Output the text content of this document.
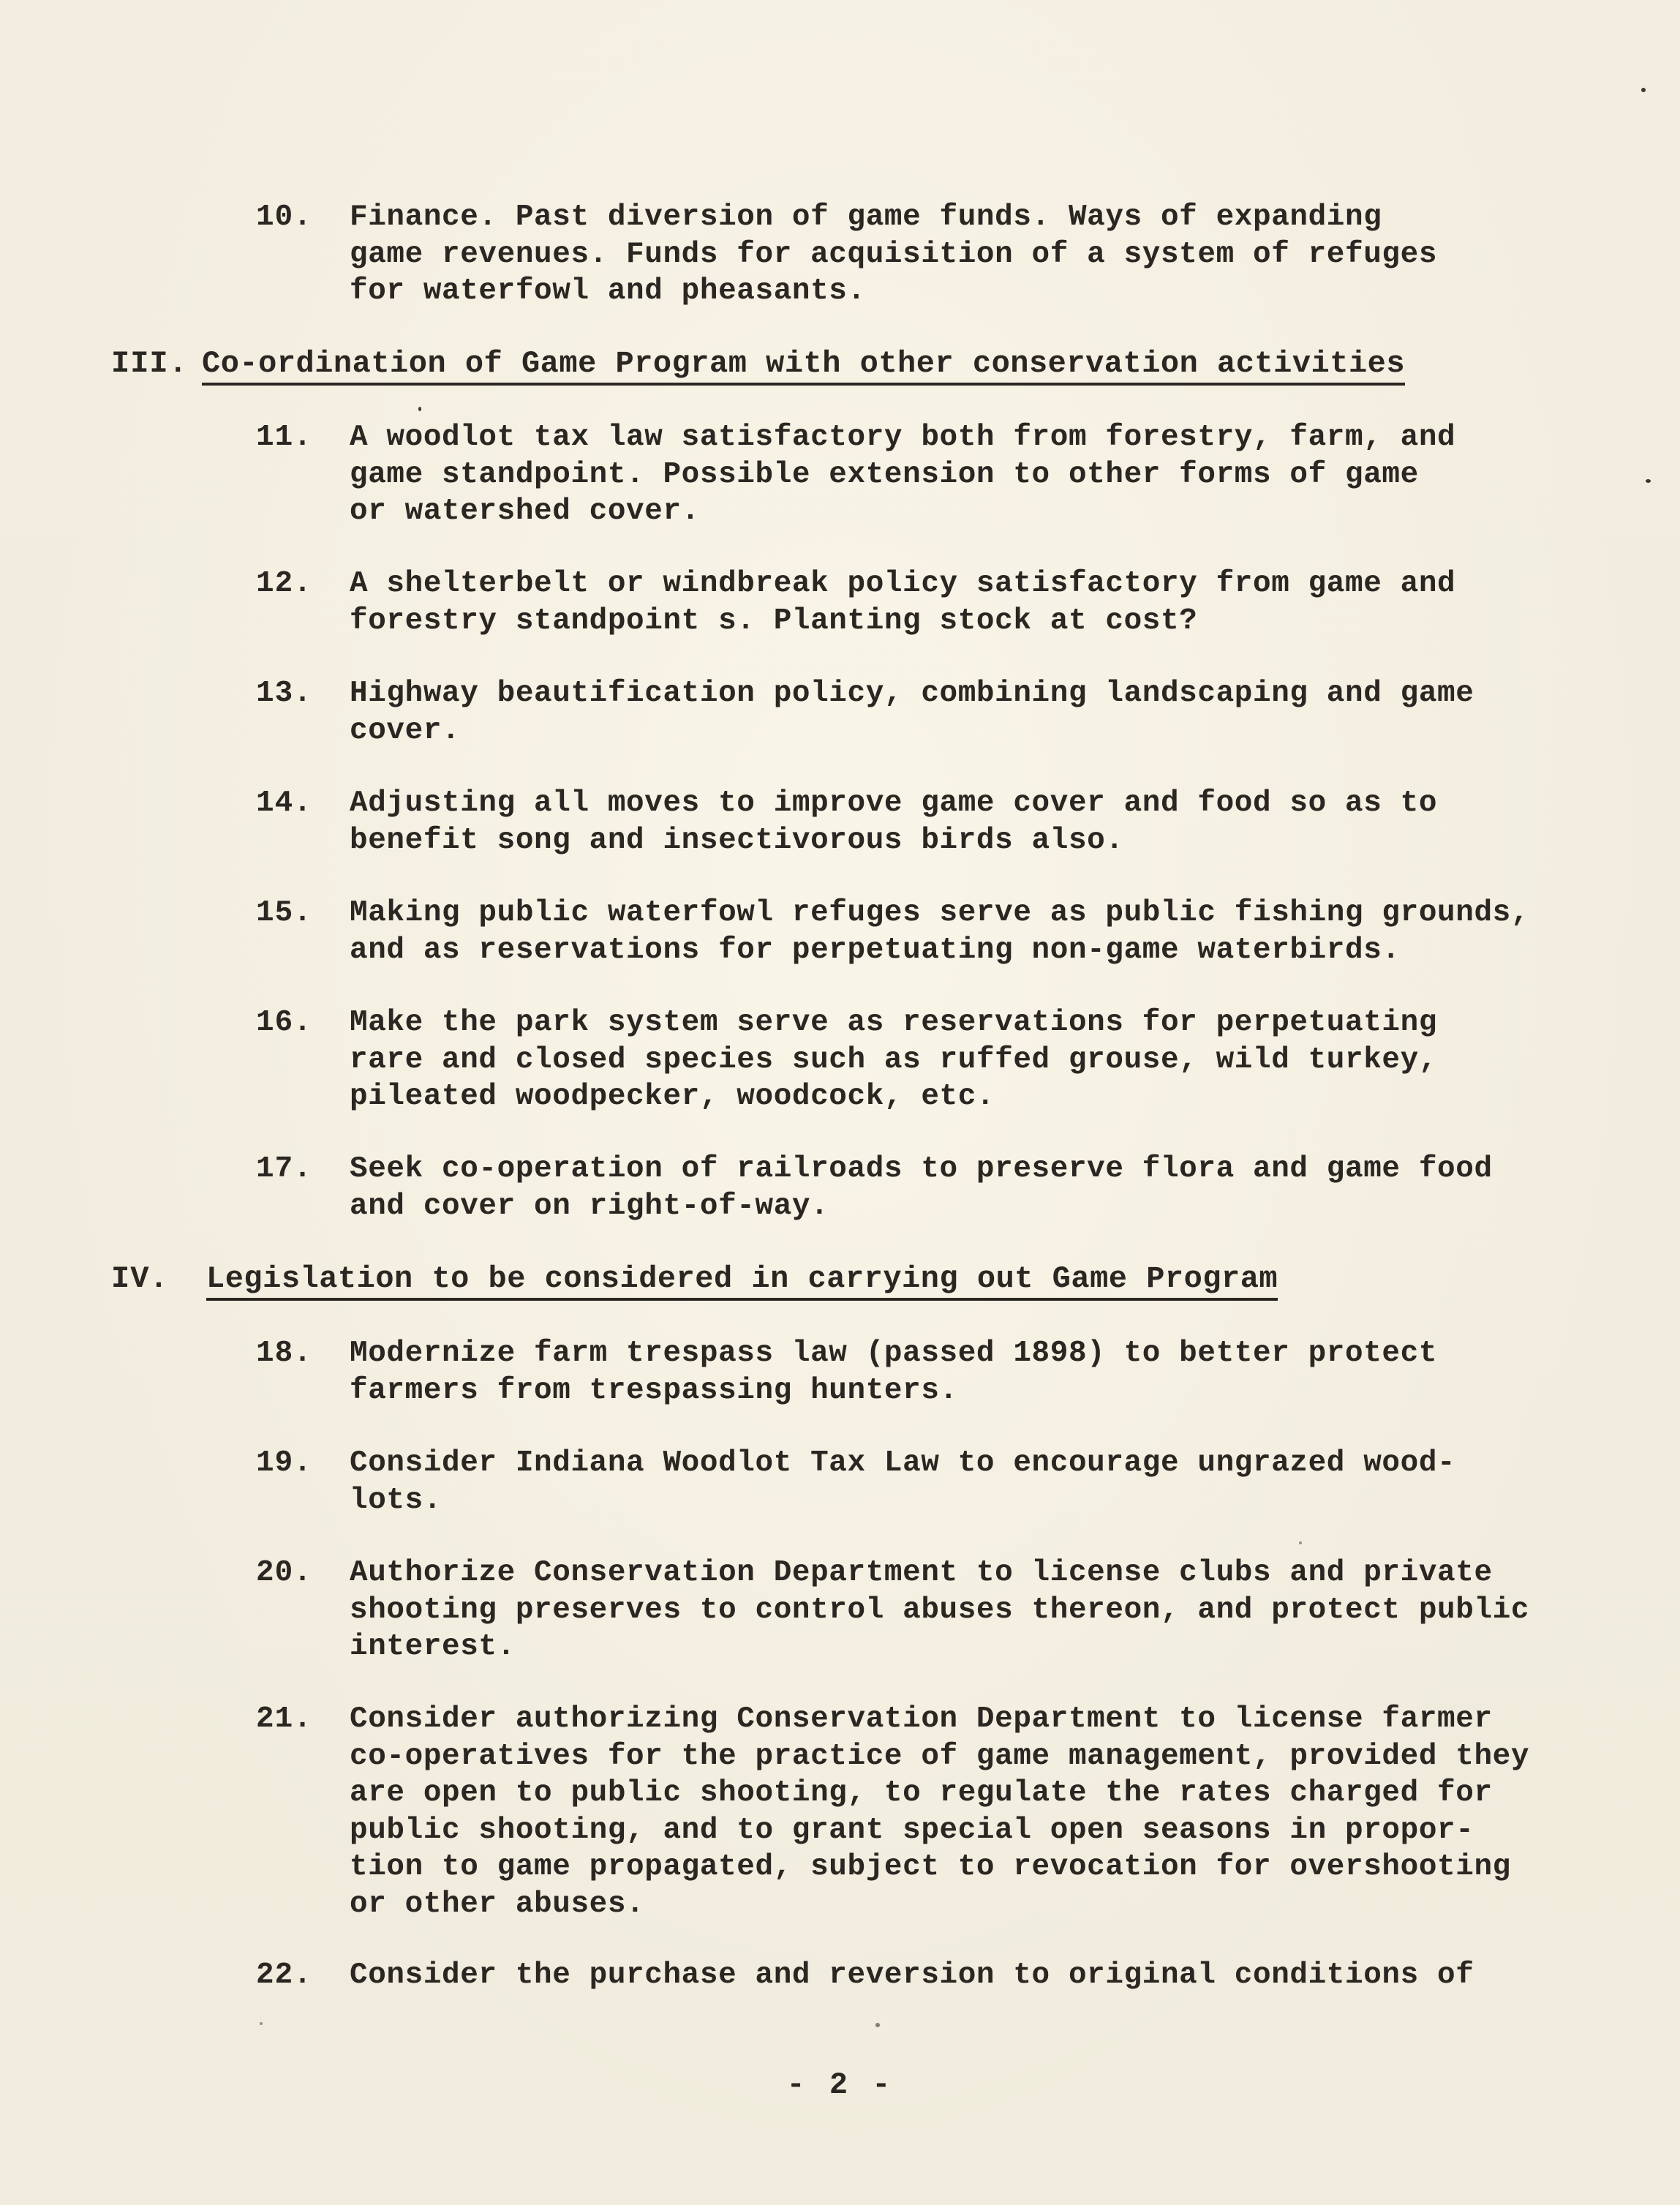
10.	Finance. Past diversion of game funds. Ways of expanding
game revenues. Funds for acquisition of a system of refuges
for waterfowl and pheasants.
III. Co-ordination of Game Program with other conservation activities
11.	A woodlot tax law satisfactory both from forestry, farm, and
game standpoint. Possible extension to other forms of game
or watershed cover.
12.	A shelterbelt or windbreak policy satisfactory from game and
forestry standpoint s. Planting stock at cost?
13.	Highway beautification policy, combining landscaping and game
cover.
14.	Adjusting all moves to improve game cover and food so as to
benefit song and insectivorous birds also.
15.	Making public waterfowl refuges serve as public fishing grounds,
and as reservations for perpetuating non-game waterbirds.
16.	Make the park system serve as reservations for perpetuating
rare and closed species such as ruffed grouse, wild turkey,
pileated woodpecker, woodcock, etc.
17.	Seek co-operation of railroads to preserve flora and game food
and cover on right-of-way.
IV. Legislation to be considered in carrying out Game Program
18.	Modernize farm trespass law (passed 1898) to better protect
farmers from trespassing hunters.
19.	Consider Indiana Woodlot Tax Law to encourage ungrazed wood-
lots.
20.	Authorize Conservation Department to license clubs and private
shooting preserves to control abuses thereon, and protect public
interest.
21.	Consider authorizing Conservation Department to license farmer
co-operatives for the practice of game management, provided they
are open to public shooting, to regulate the rates charged for
public shooting, and to grant special open seasons in propor-
tion to game propagated, subject to revocation for overshooting
or other abuses.
22.	Consider the purchase and reversion to original conditions of
- 2 -
